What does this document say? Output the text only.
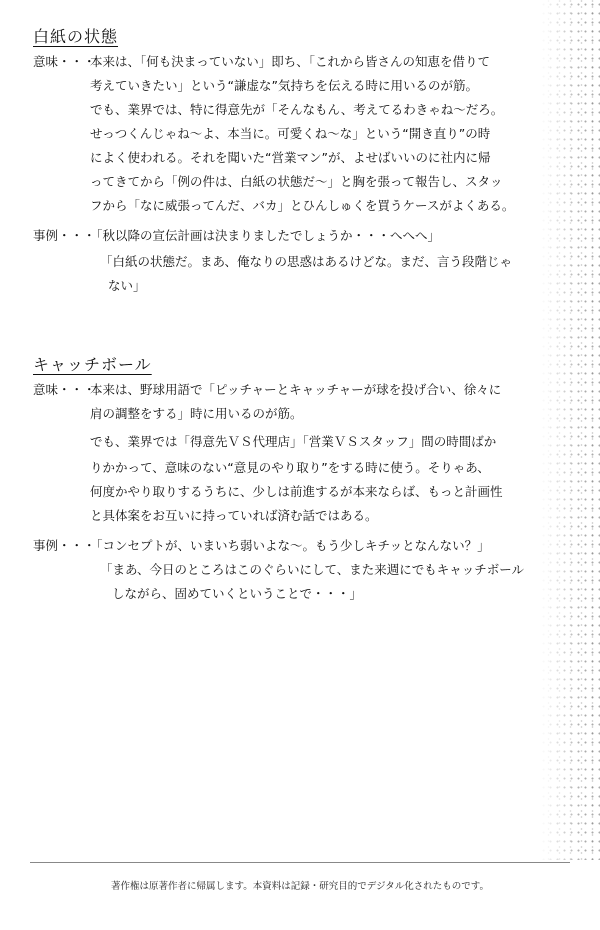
白紙の状態
意味・・・
本来は、「何も決まっていない」即ち、「これから皆さんの知恵を借りて
考えていきたい」という“謙虚な”気持ちを伝える時に用いるのが筋。
でも、業界では、特に得意先が「そんなもん、考えてるわきゃね〜だろ。
せっつくんじゃね〜よ、本当に。可愛くね〜な」という“開き直り”の時
によく使われる。それを聞いた“営業マン”が、よせばいいのに社内に帰
ってきてから「例の件は、白紙の状態だ〜」と胸を張って報告し、スタッ
フから「なに威張ってんだ、バカ」とひんしゅくを買うケースがよくある。
事例・・・
「秋以降の宣伝計画は決まりましたでしょうか・・・へへへ」
「白紙の状態だ。まあ、俺なりの思惑はあるけどな。まだ、言う段階じゃ
ない」
キャッチボール
意味・・・
本来は、野球用語で「ピッチャーとキャッチャーが球を投げ合い、徐々に
肩の調整をする」時に用いるのが筋。
でも、業界では「得意先ＶＳ代理店」「営業ＶＳスタッフ」間の時間ばか
りかかって、意味のない“意見のやり取り”をする時に使う。そりゃあ、
何度かやり取りするうちに、少しは前進するが本来ならば、もっと計画性
と具体案をお互いに持っていれば済む話ではある。
事例・・・
「コンセプトが、いまいち弱いよな〜。もう少しキチッとなんない？」
「まあ、今日のところはこのぐらいにして、また来週にでもキャッチボール
しながら、固めていくということで・・・」
著作権は原著作者に帰属します。本資料は記録・研究目的でデジタル化されたものです。
